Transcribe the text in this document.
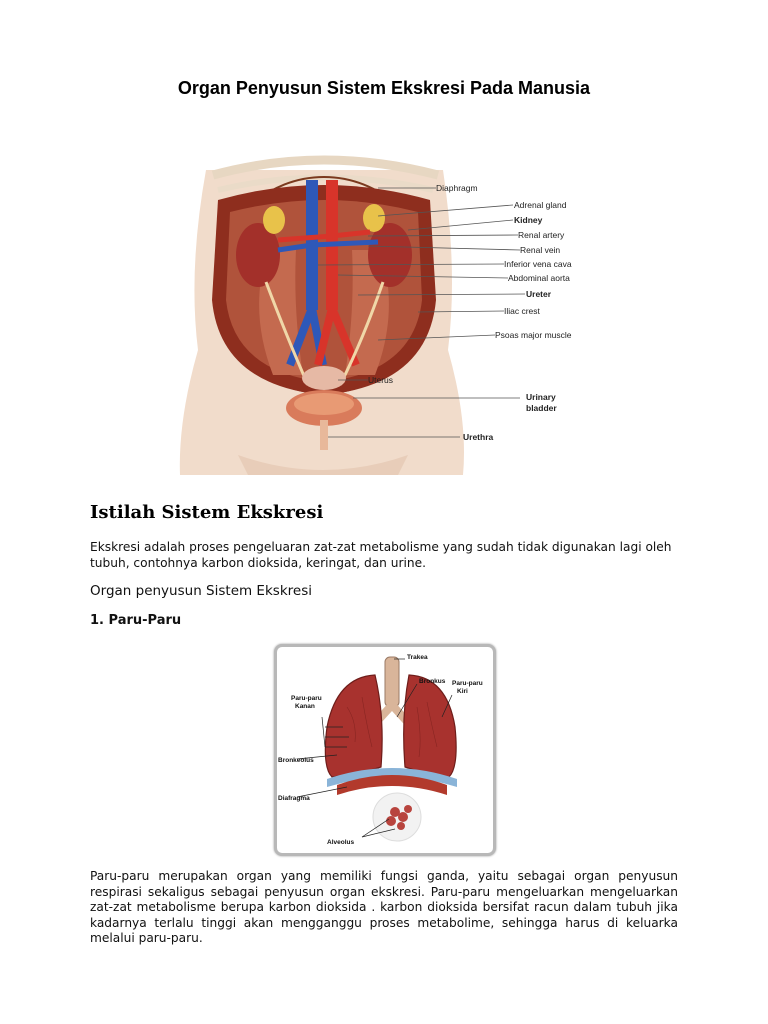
Organ Penyusun Sistem Ekskresi Pada Manusia
Diaphragm
Adrenal gland
Kidney
Renal artery
Renal vein
Inferior vena cava
Abdominal aorta
Ureter
Iliac crest
Psoas major muscle
Uterus
Urinary
bladder
Urethra
Istilah Sistem Ekskresi
Ekskresi adalah proses pengeluaran zat-zat metabolisme yang sudah tidak digunakan lagi oleh tubuh, contohnya karbon dioksida, keringat, dan urine.
Organ penyusun Sistem Ekskresi
1. Paru-Paru
Trakea
Bronkus Paru-paru
Kiri
Paru-paru
Kanan
Bronkeolus
Diafragma
Alveolus
Paru-paru merupakan organ yang memiliki fungsi ganda, yaitu sebagai organ penyusun respirasi sekaligus sebagai penyusun organ ekskresi. Paru-paru mengeluarkan mengeluarkan zat-zat metabolisme berupa karbon dioksida . karbon dioksida bersifat racun dalam tubuh jika kadarnya terlalu tinggi akan mengganggu proses metabolime, sehingga harus di keluarka melalui paru-paru.
